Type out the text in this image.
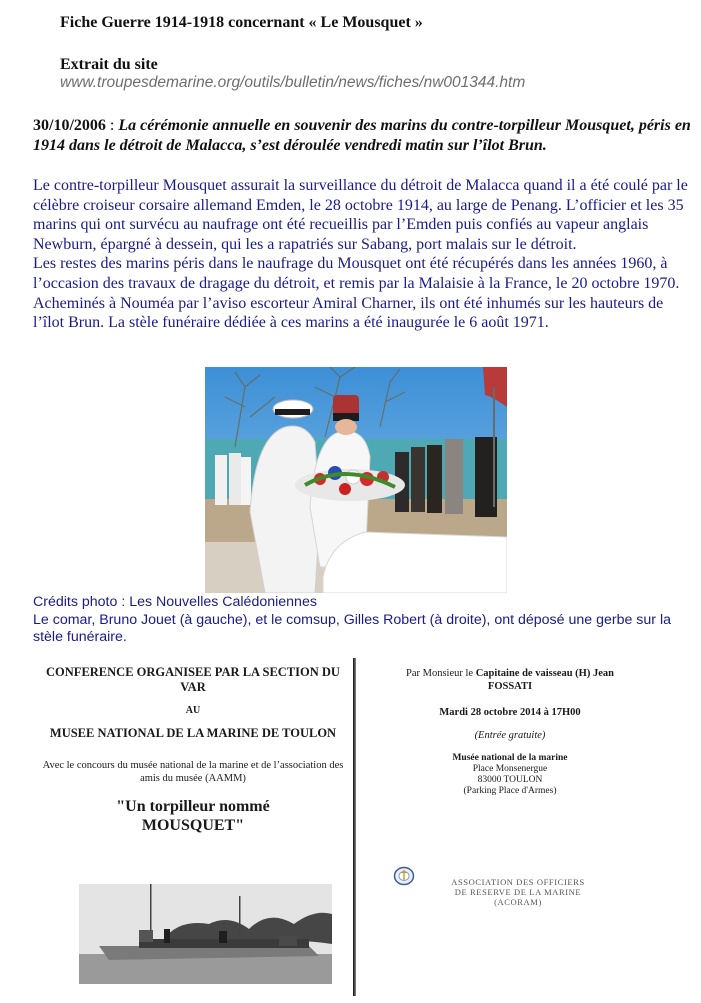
Fiche Guerre 1914-1918 concernant « Le Mousquet »
Extrait du site
www.troupesdemarine.org/outils/bulletin/news/fiches/nw001344.htm
30/10/2006 : La cérémonie annuelle en souvenir des marins du contre-torpilleur Mousquet, péris en 1914 dans le détroit de Malacca, s’est déroulée vendredi matin sur l’îlot Brun.

Le contre-torpilleur Mousquet assurait la surveillance du détroit de Malacca quand il a été coulé par le célèbre croiseur corsaire allemand Emden, le 28 octobre 1914, au large de Penang. L’officier et les 35 marins qui ont survécu au naufrage ont été recueillis par l’Emden puis confiés au vapeur anglais Newburn, épargné à dessein, qui les a rapatriés sur Sabang, port malais sur le détroit.

Les restes des marins péris dans le naufrage du Mousquet ont été récupérés dans les années 1960, à l’occasion des travaux de dragage du détroit, et remis par la Malaisie à la France, le 20 octobre 1970. Acheminés à Nouméa par l’aviso escorteur Amiral Charner, ils ont été inhumés sur les hauteurs de l’îlot Brun. La stèle funéraire dédiée à ces marins a été inaugurée le 6 août 1971.

Crédits photo : Les Nouvelles Calédoniennes
Le comar, Bruno Jouet (à gauche), et le comsup, Gilles Robert (à droite), ont déposé une gerbe sur la stèle funéraire.
CONFERENCE ORGANISEE PAR LA SECTION DU VAR
AU
MUSEE NATIONAL DE LA MARINE DE TOULON
Avec le concours du musée national de la marine et de l’association des amis du musée (AAMM)
"Un torpilleur nommé
MOUSQUET"
Par Monsieur le Capitaine de vaisseau (H) Jean
FOSSATI
Mardi 28 octobre 2014 à 17H00
(Entrée gratuite)
Musée national de la marine
Place Monsenergue
83000 TOULON
(Parking Place d'Armes)
ASSOCIATION DES OFFICIERS
DE RESERVE DE LA MARINE
(ACORAM)
